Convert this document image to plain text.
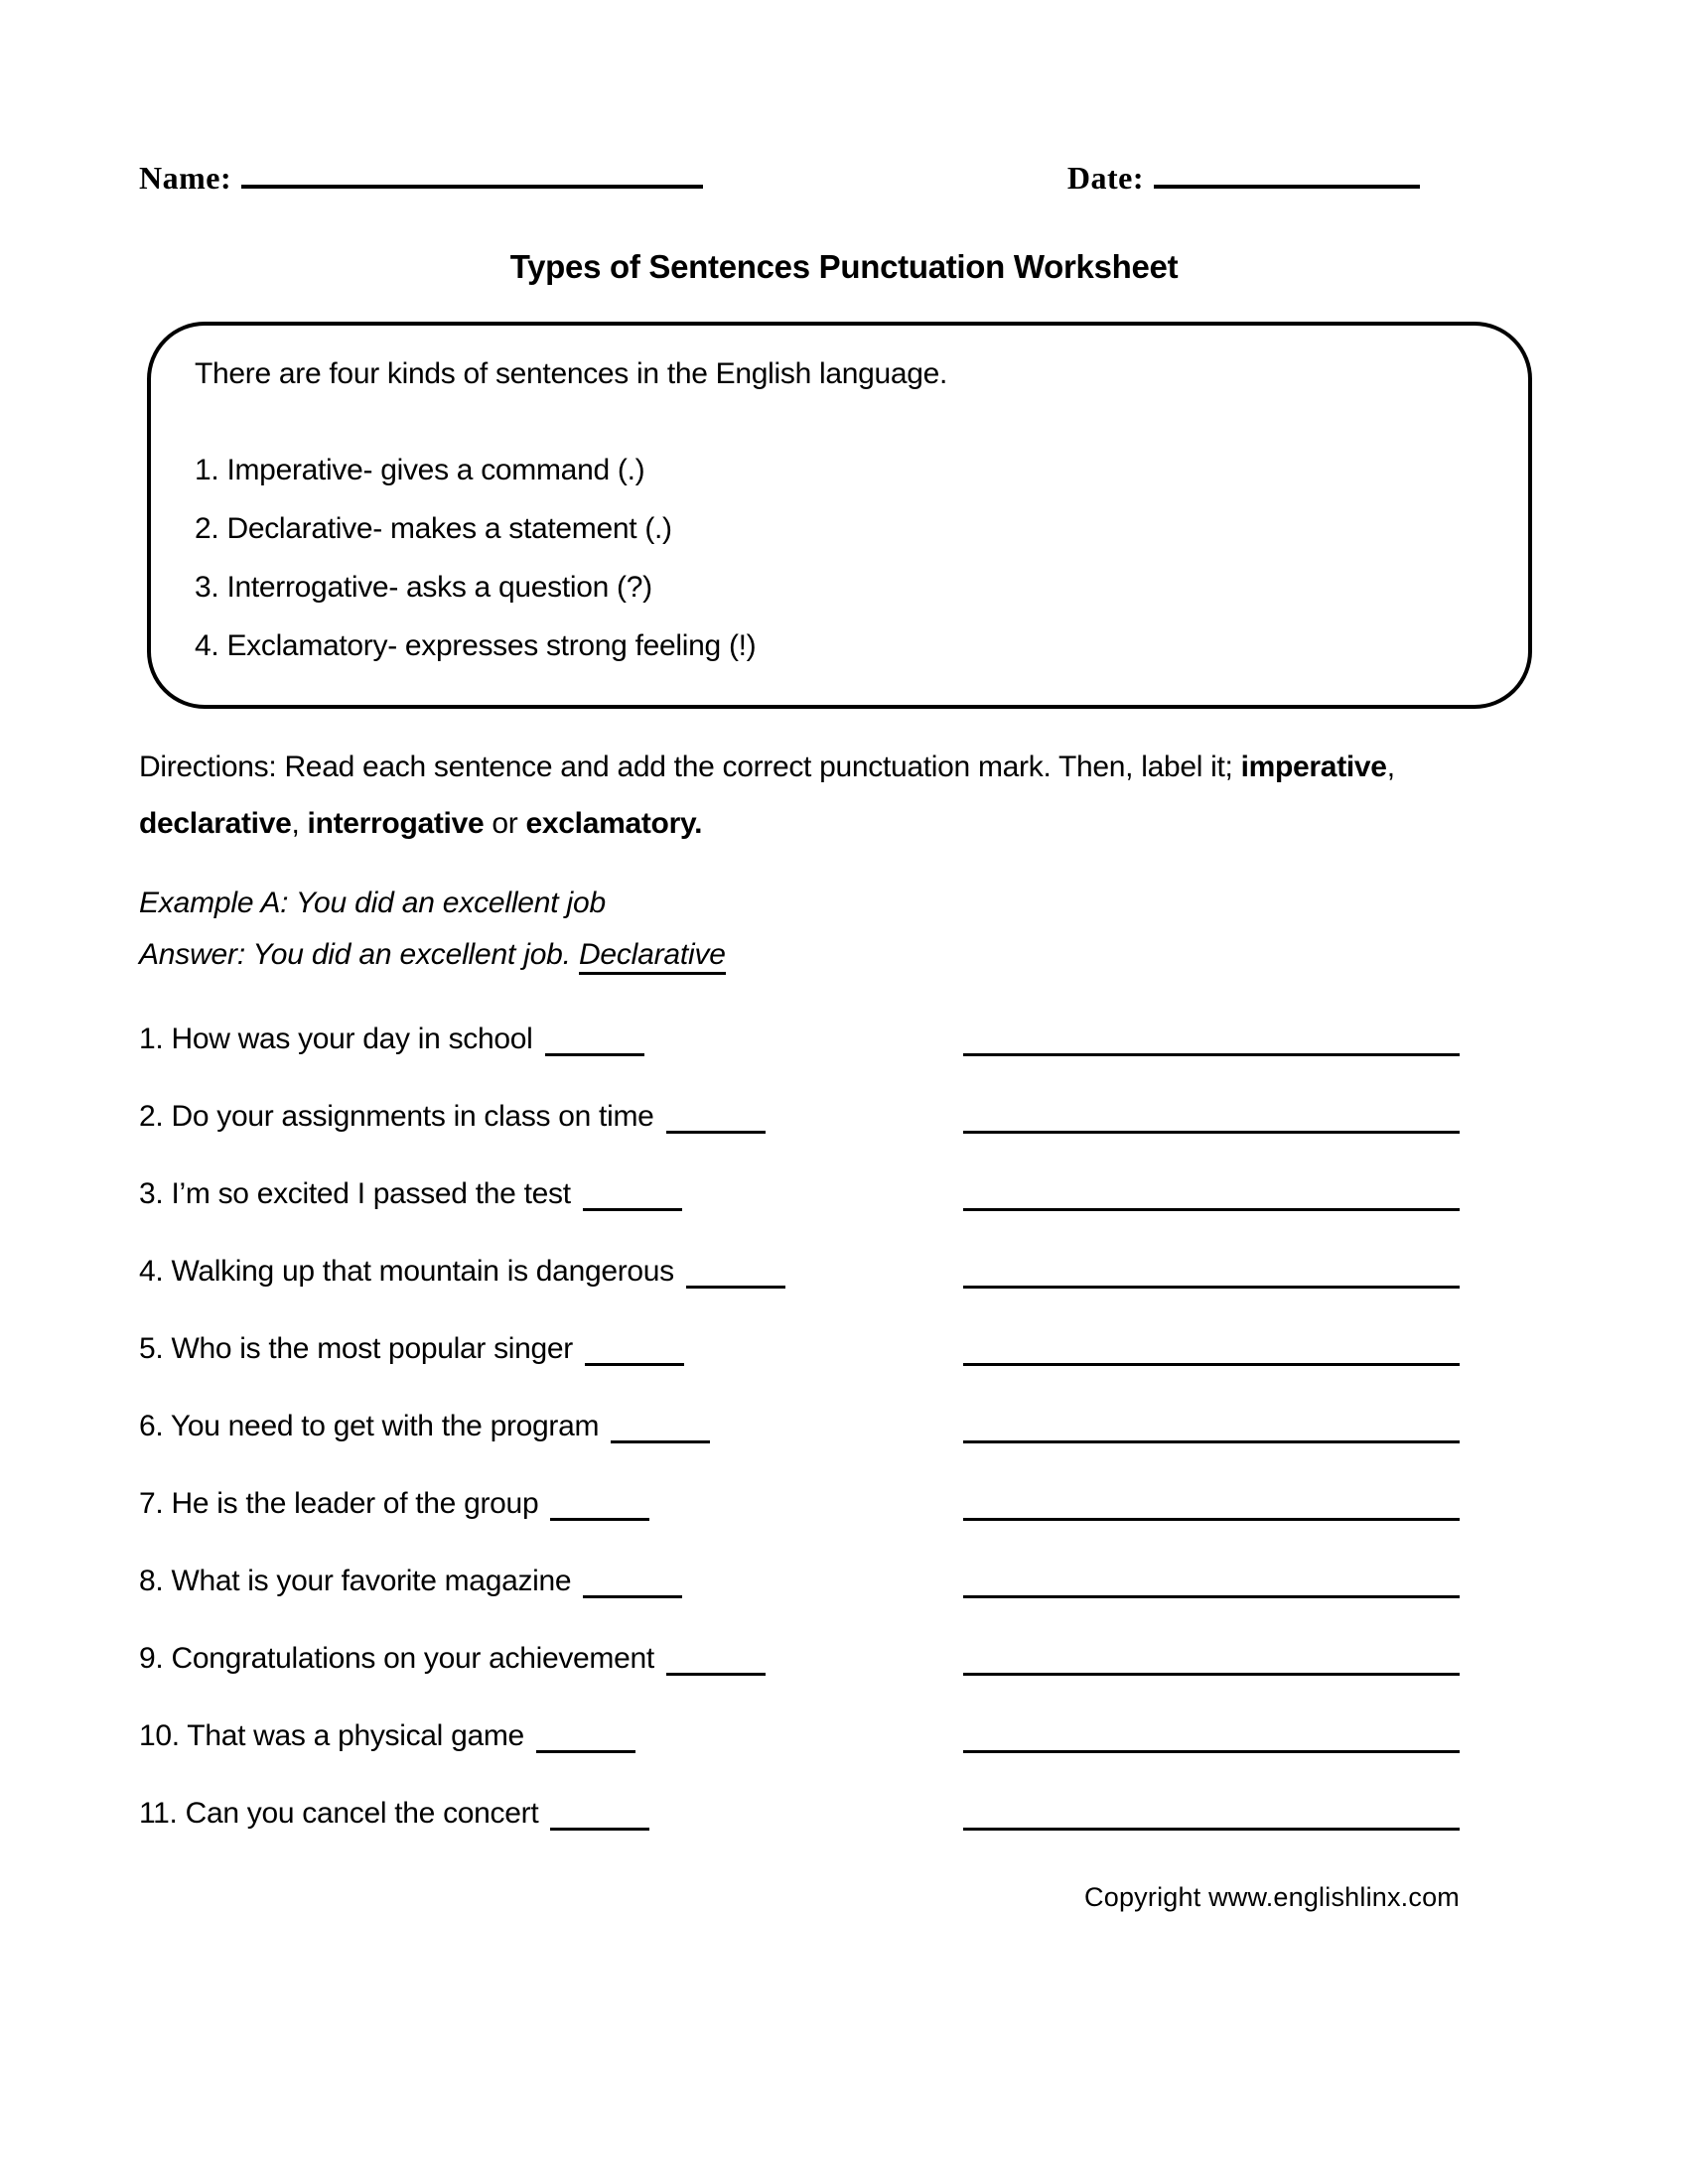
Name:	Date:
Types of Sentences Punctuation Worksheet

There are four kinds of sentences in the English language.

1. Imperative- gives a command (.)

2. Declarative- makes a statement (.)

3. Interrogative- asks a question (?)

4. Exclamatory- expresses strong feeling (!)

Directions: Read each sentence and add the correct punctuation mark. Then, label it; imperative, declarative, interrogative or exclamatory.

Example A: You did an excellent job

Answer: You did an excellent job. Declarative

1. How was your day in school
2. Do your assignments in class on time
3. I’m so excited I passed the test
4. Walking up that mountain is dangerous
5. Who is the most popular singer
6. You need to get with the program
7. He is the leader of the group
8. What is your favorite magazine
9. Congratulations on your achievement
10. That was a physical game
11. Can you cancel the concert
Copyright www.englishlinx.com
